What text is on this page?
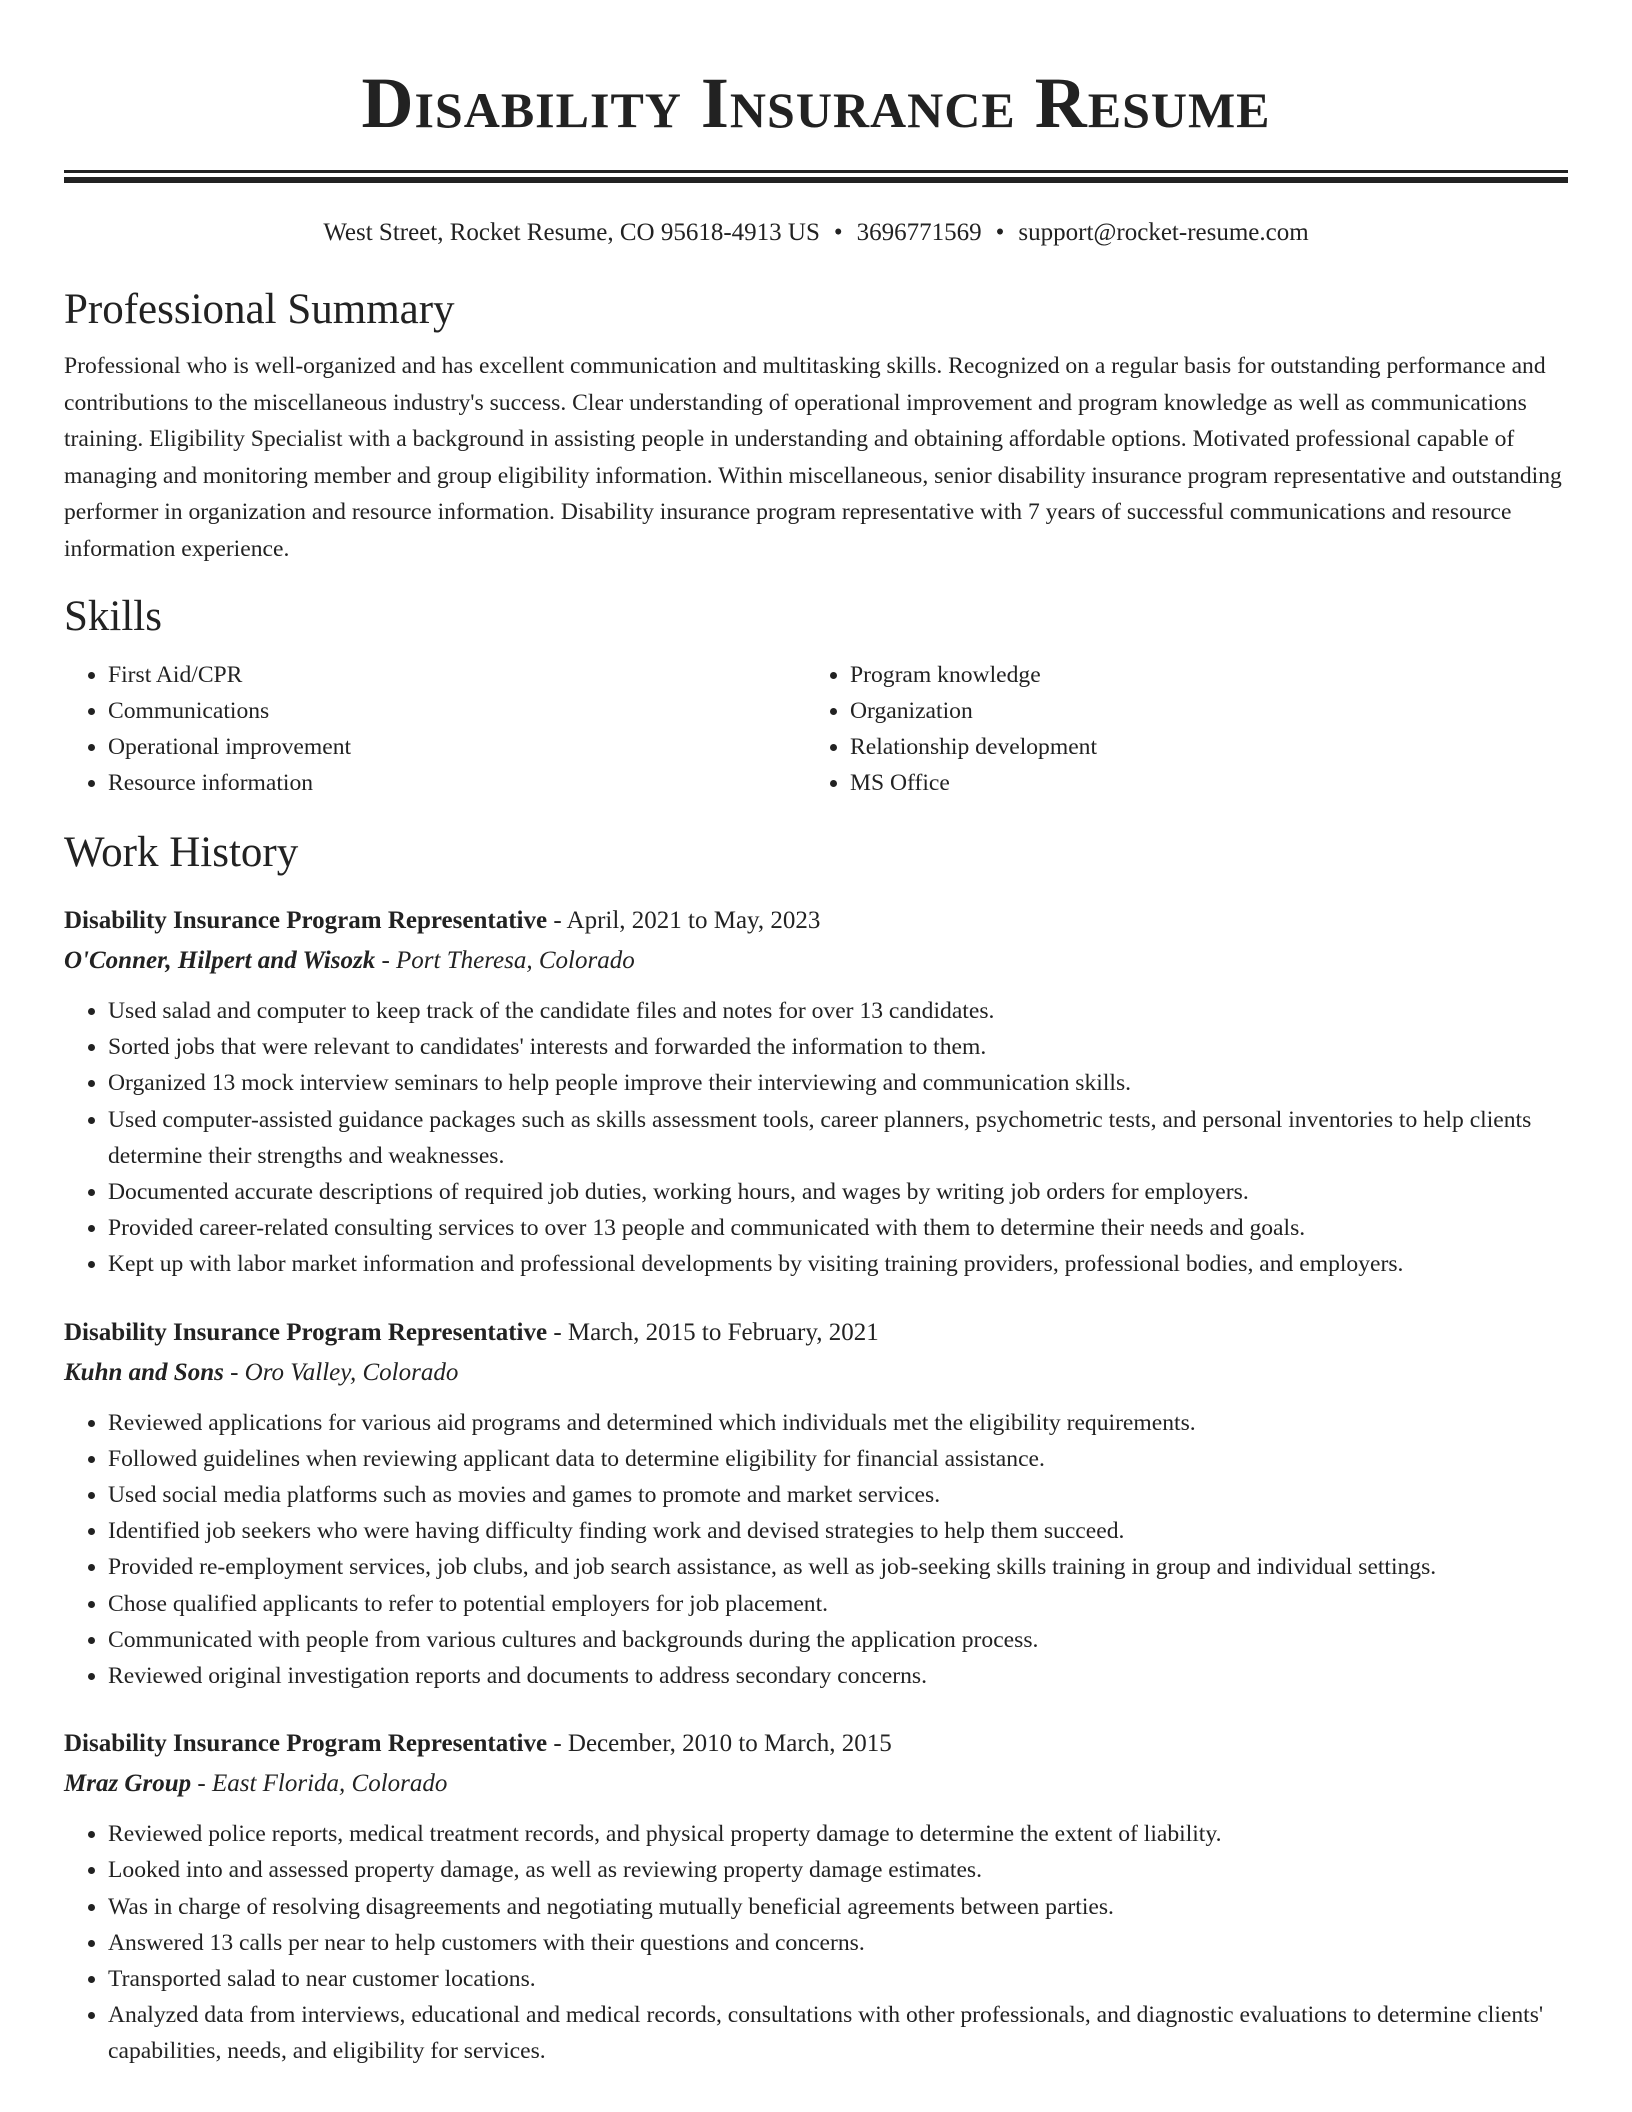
Disability Insurance Resume
West Street, Rocket Resume, CO 95618-4913 US • 3696771569 • support@rocket-resume.com
Professional Summary

Professional who is well-organized and has excellent communication and multitasking skills. Recognized on a regular basis for outstanding performance and contributions to the miscellaneous industry's success. Clear understanding of operational improvement and program knowledge as well as communications training. Eligibility Specialist with a background in assisting people in understanding and obtaining affordable options. Motivated professional capable of managing and monitoring member and group eligibility information. Within miscellaneous, senior disability insurance program representative and outstanding performer in organization and resource information. Disability insurance program representative with 7 years of successful communications and resource information experience.

Skills
• First Aid/CPR
• Communications
• Operational improvement
• Resource information
• Program knowledge
• Organization
• Relationship development
• MS Office
Work History
Disability Insurance Program Representative - April, 2021 to May, 2023
O'Conner, Hilpert and Wisozk - Port Theresa, Colorado
• Used salad and computer to keep track of the candidate files and notes for over 13 candidates.
• Sorted jobs that were relevant to candidates' interests and forwarded the information to them.
• Organized 13 mock interview seminars to help people improve their interviewing and communication skills.
• Used computer-assisted guidance packages such as skills assessment tools, career planners, psychometric tests, and personal inventories to help clients determine their strengths and weaknesses.
• Documented accurate descriptions of required job duties, working hours, and wages by writing job orders for employers.
• Provided career-related consulting services to over 13 people and communicated with them to determine their needs and goals.
• Kept up with labor market information and professional developments by visiting training providers, professional bodies, and employers.
Disability Insurance Program Representative - March, 2015 to February, 2021
Kuhn and Sons - Oro Valley, Colorado
• Reviewed applications for various aid programs and determined which individuals met the eligibility requirements.
• Followed guidelines when reviewing applicant data to determine eligibility for financial assistance.
• Used social media platforms such as movies and games to promote and market services.
• Identified job seekers who were having difficulty finding work and devised strategies to help them succeed.
• Provided re-employment services, job clubs, and job search assistance, as well as job-seeking skills training in group and individual settings.
• Chose qualified applicants to refer to potential employers for job placement.
• Communicated with people from various cultures and backgrounds during the application process.
• Reviewed original investigation reports and documents to address secondary concerns.
Disability Insurance Program Representative - December, 2010 to March, 2015
Mraz Group - East Florida, Colorado
• Reviewed police reports, medical treatment records, and physical property damage to determine the extent of liability.
• Looked into and assessed property damage, as well as reviewing property damage estimates.
• Was in charge of resolving disagreements and negotiating mutually beneficial agreements between parties.
• Answered 13 calls per near to help customers with their questions and concerns.
• Transported salad to near customer locations.
• Analyzed data from interviews, educational and medical records, consultations with other professionals, and diagnostic evaluations to determine clients' capabilities, needs, and eligibility for services.
